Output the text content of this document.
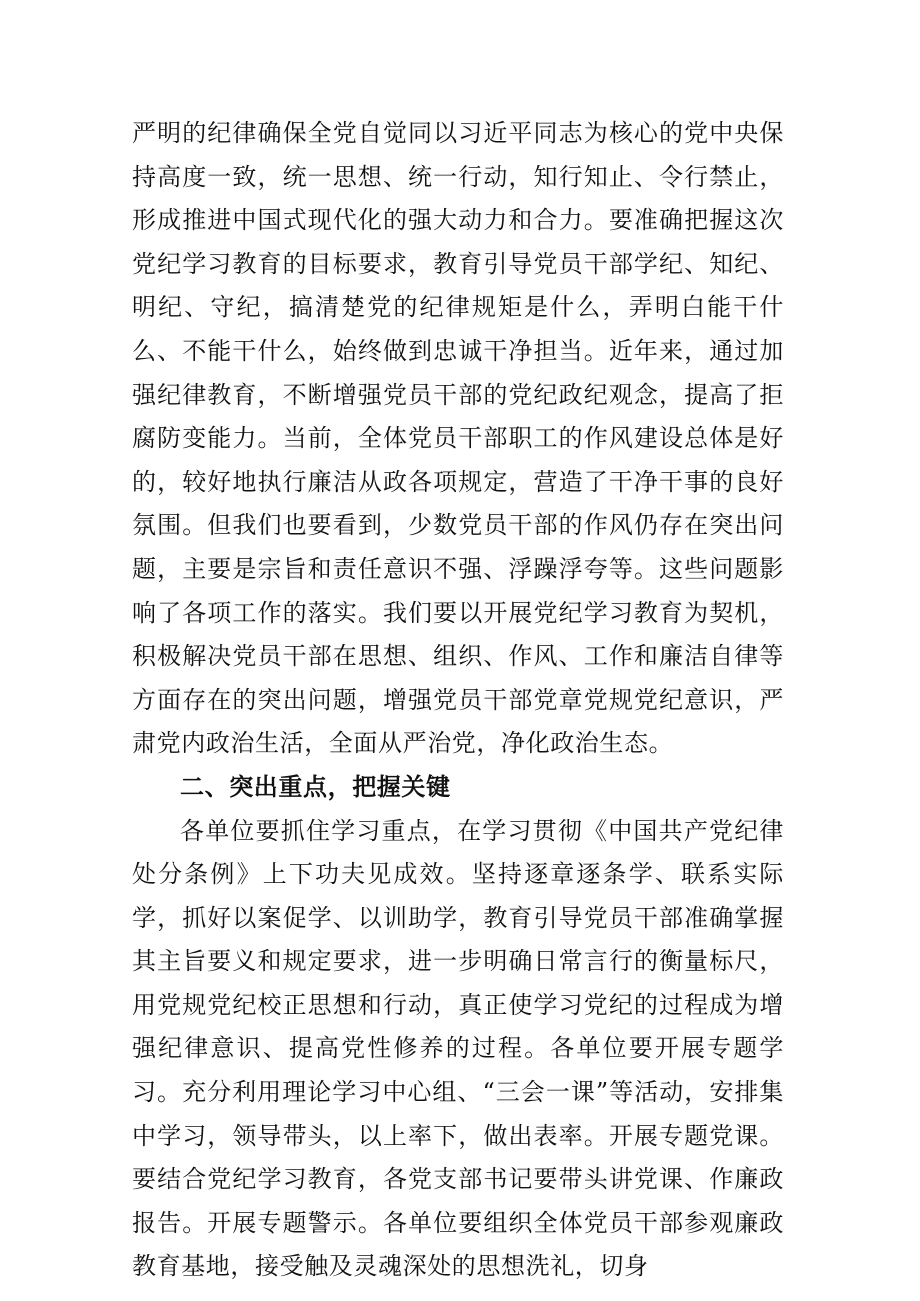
严明的纪律确保全党自觉同以习近平同志为核心的党中央保持高度一致，统一思想、统一行动，知行知止、令行禁止，形成推进中国式现代化的强大动力和合力。要准确把握这次党纪学习教育的目标要求，教育引导党员干部学纪、知纪、明纪、守纪，搞清楚党的纪律规矩是什么，弄明白能干什么、不能干什么，始终做到忠诚干净担当。近年来，通过加强纪律教育，不断增强党员干部的党纪政纪观念，提高了拒腐防变能力。当前，全体党员干部职工的作风建设总体是好的，较好地执行廉洁从政各项规定，营造了干净干事的良好氛围。但我们也要看到，少数党员干部的作风仍存在突出问题，主要是宗旨和责任意识不强、浮躁浮夸等。这些问题影响了各项工作的落实。我们要以开展党纪学习教育为契机，积极解决党员干部在思想、组织、作风、工作和廉洁自律等方面存在的突出问题，增强党员干部党章党规党纪意识，严肃党内政治生活，全面从严治党，净化政治生态。

二、突出重点，把握关键

各单位要抓住学习重点，在学习贯彻《中国共产党纪律处分条例》上下功夫见成效。坚持逐章逐条学、联系实际学，抓好以案促学、以训助学，教育引导党员干部准确掌握其主旨要义和规定要求，进一步明确日常言行的衡量标尺，用党规党纪校正思想和行动，真正使学习党纪的过程成为增强纪律意识、提高党性修养的过程。各单位要开展专题学习。充分利用理论学习中心组、“三会一课”等活动，安排集中学习，领导带头，以上率下，做出表率。开展专题党课。要结合党纪学习教育，各党支部书记要带头讲党课、作廉政报告。开展专题警示。各单位要组织全体党员干部参观廉政教育基地，接受触及灵魂深处的思想洗礼，切身
